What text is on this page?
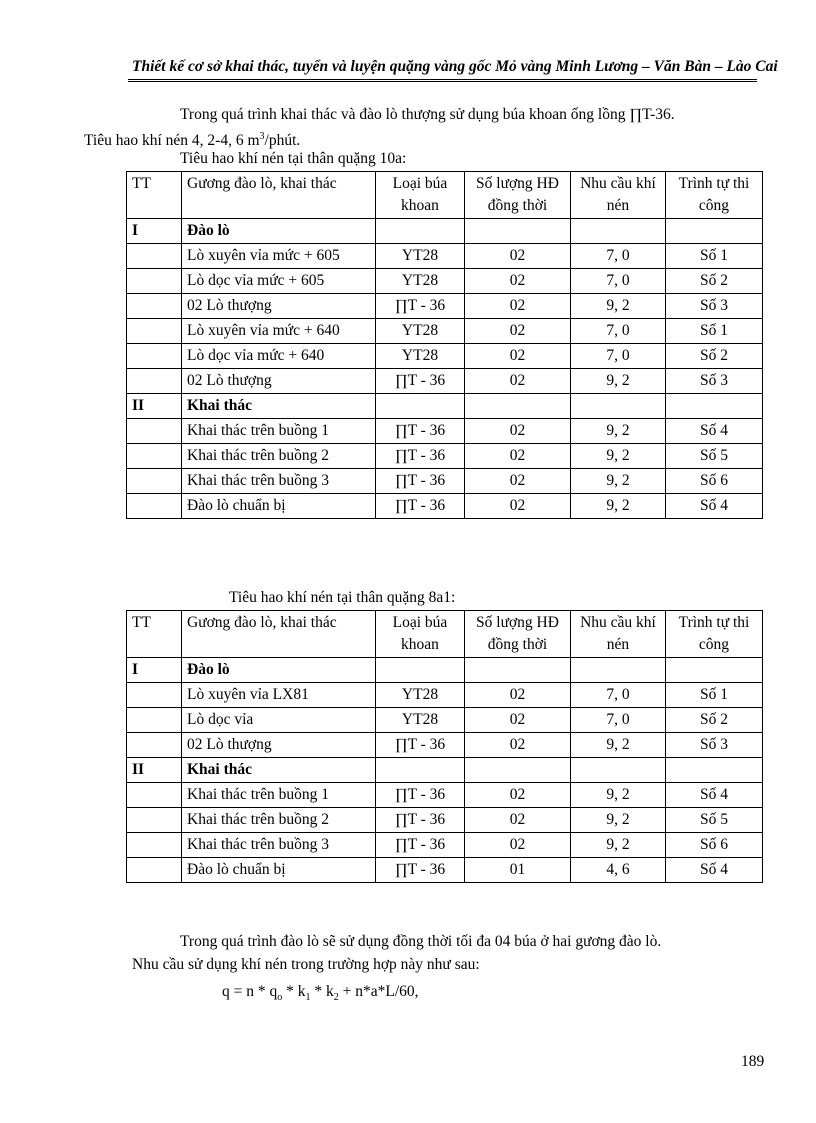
Thiết kế cơ sở khai thác, tuyển và luyện quặng vàng gốc Mỏ vàng Minh Lương – Văn Bàn – Lào Cai
Trong quá trình khai thác và đào lò thượng sử dụng búa khoan ống lồng ∏T-36.
Tiêu hao khí nén 4, 2-4, 6 $m^3$/phút.
Tiêu hao khí nén tại thân quặng 10a:
TT	Gương đào lò, khai thác	Loại búa khoan	Số lượng HĐ đồng thời	Nhu cầu khí nén	Trình tự thi công
I	Đào lò				
	Lò xuyên vỉa mức + 605	YT28	02	7, 0	Số 1
	Lò dọc vỉa mức + 605	YT28	02	7, 0	Số 2
	02 Lò thượng	∏T - 36	02	9, 2	Số 3
	Lò xuyên vỉa mức + 640	YT28	02	7, 0	Số 1
	Lò dọc vỉa mức + 640	YT28	02	7, 0	Số 2
	02 Lò thượng	∏T - 36	02	9, 2	Số 3
II	Khai thác				
	Khai thác trên buồng 1	∏T - 36	02	9, 2	Số 4
	Khai thác trên buồng 2	∏T - 36	02	9, 2	Số 5
	Khai thác trên buồng 3	∏T - 36	02	9, 2	Số 6
	Đào lò chuẩn bị	∏T - 36	02	9, 2	Số 4
Tiêu hao khí nén tại thân quặng 8a1:
TT	Gương đào lò, khai thác	Loại búa khoan	Số lượng HĐ đồng thời	Nhu cầu khí nén	Trình tự thi công
I	Đào lò				
	Lò xuyên vỉa LX81	YT28	02	7, 0	Số 1
	Lò dọc vỉa	YT28	02	7, 0	Số 2
	02 Lò thượng	∏T - 36	02	9, 2	Số 3
II	Khai thác				
	Khai thác trên buồng 1	∏T - 36	02	9, 2	Số 4
	Khai thác trên buồng 2	∏T - 36	02	9, 2	Số 5
	Khai thác trên buồng 3	∏T - 36	02	9, 2	Số 6
	Đào lò chuẩn bị	∏T - 36	01	4, 6	Số 4
Trong quá trình đào lò sẽ sử dụng đồng thời tối đa 04 búa ở hai gương đào lò.
Nhu cầu sử dụng khí nén trong trường hợp này như sau:
$q = n * q_o * k_1 * k_2 + n*a*L/60$,
189
